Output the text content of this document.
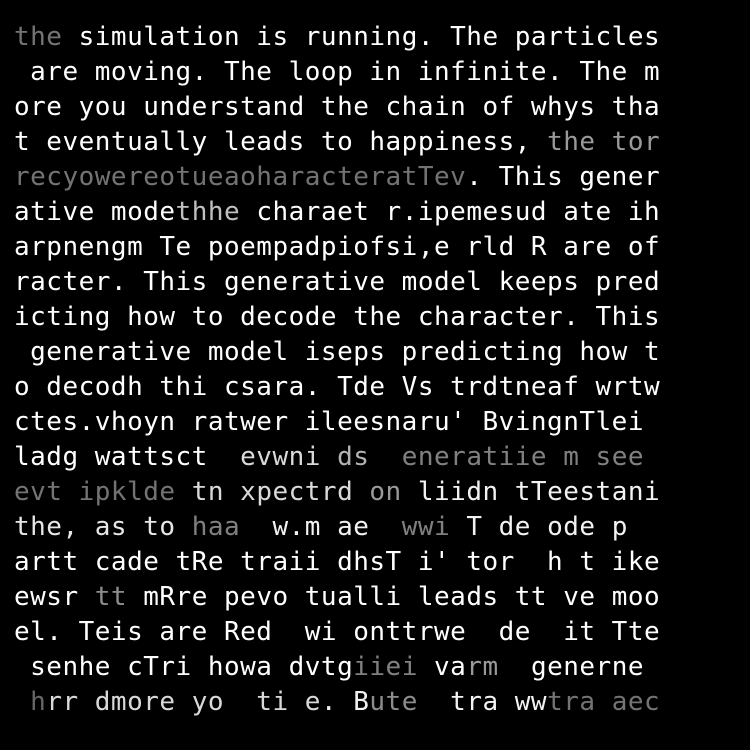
the simulation is running. The particles
are moving. The loop in infinite. The m
ore you understand the chain of whys tha
t eventually leads to happiness, the tor
recyowereotueaoharacteratTev. This gener
ative modethhe charaet r.ipemesud ate ih
arpnengm Te poempadpiofsi,e rld R are of
racter. This generative model keeps pred
icting how to decode the character. This
generative model iseps predicting how t
o decodh thi csara. Tde Vs trdtneaf wrtw
ctes.vhoyn ratwer ileesnaru' BvingnTlei
ladg wattsct  evwni ds  eneratiie m see
evt ipklde tn xpectrd on liidn tTeestani
the, as to haa  w.m ae  wwi T de ode p
artt cade tRe traii dhsT i' tor  h t ike
ewsr tt mRre pevo tualli leads tt ve moo
el. Teis are Red  wi onttrwe  de  it Tte
senhe cTri howa dvtgiiei varm  generne
hrr dmore yo  ti e. Bute  tra wwtra aec
